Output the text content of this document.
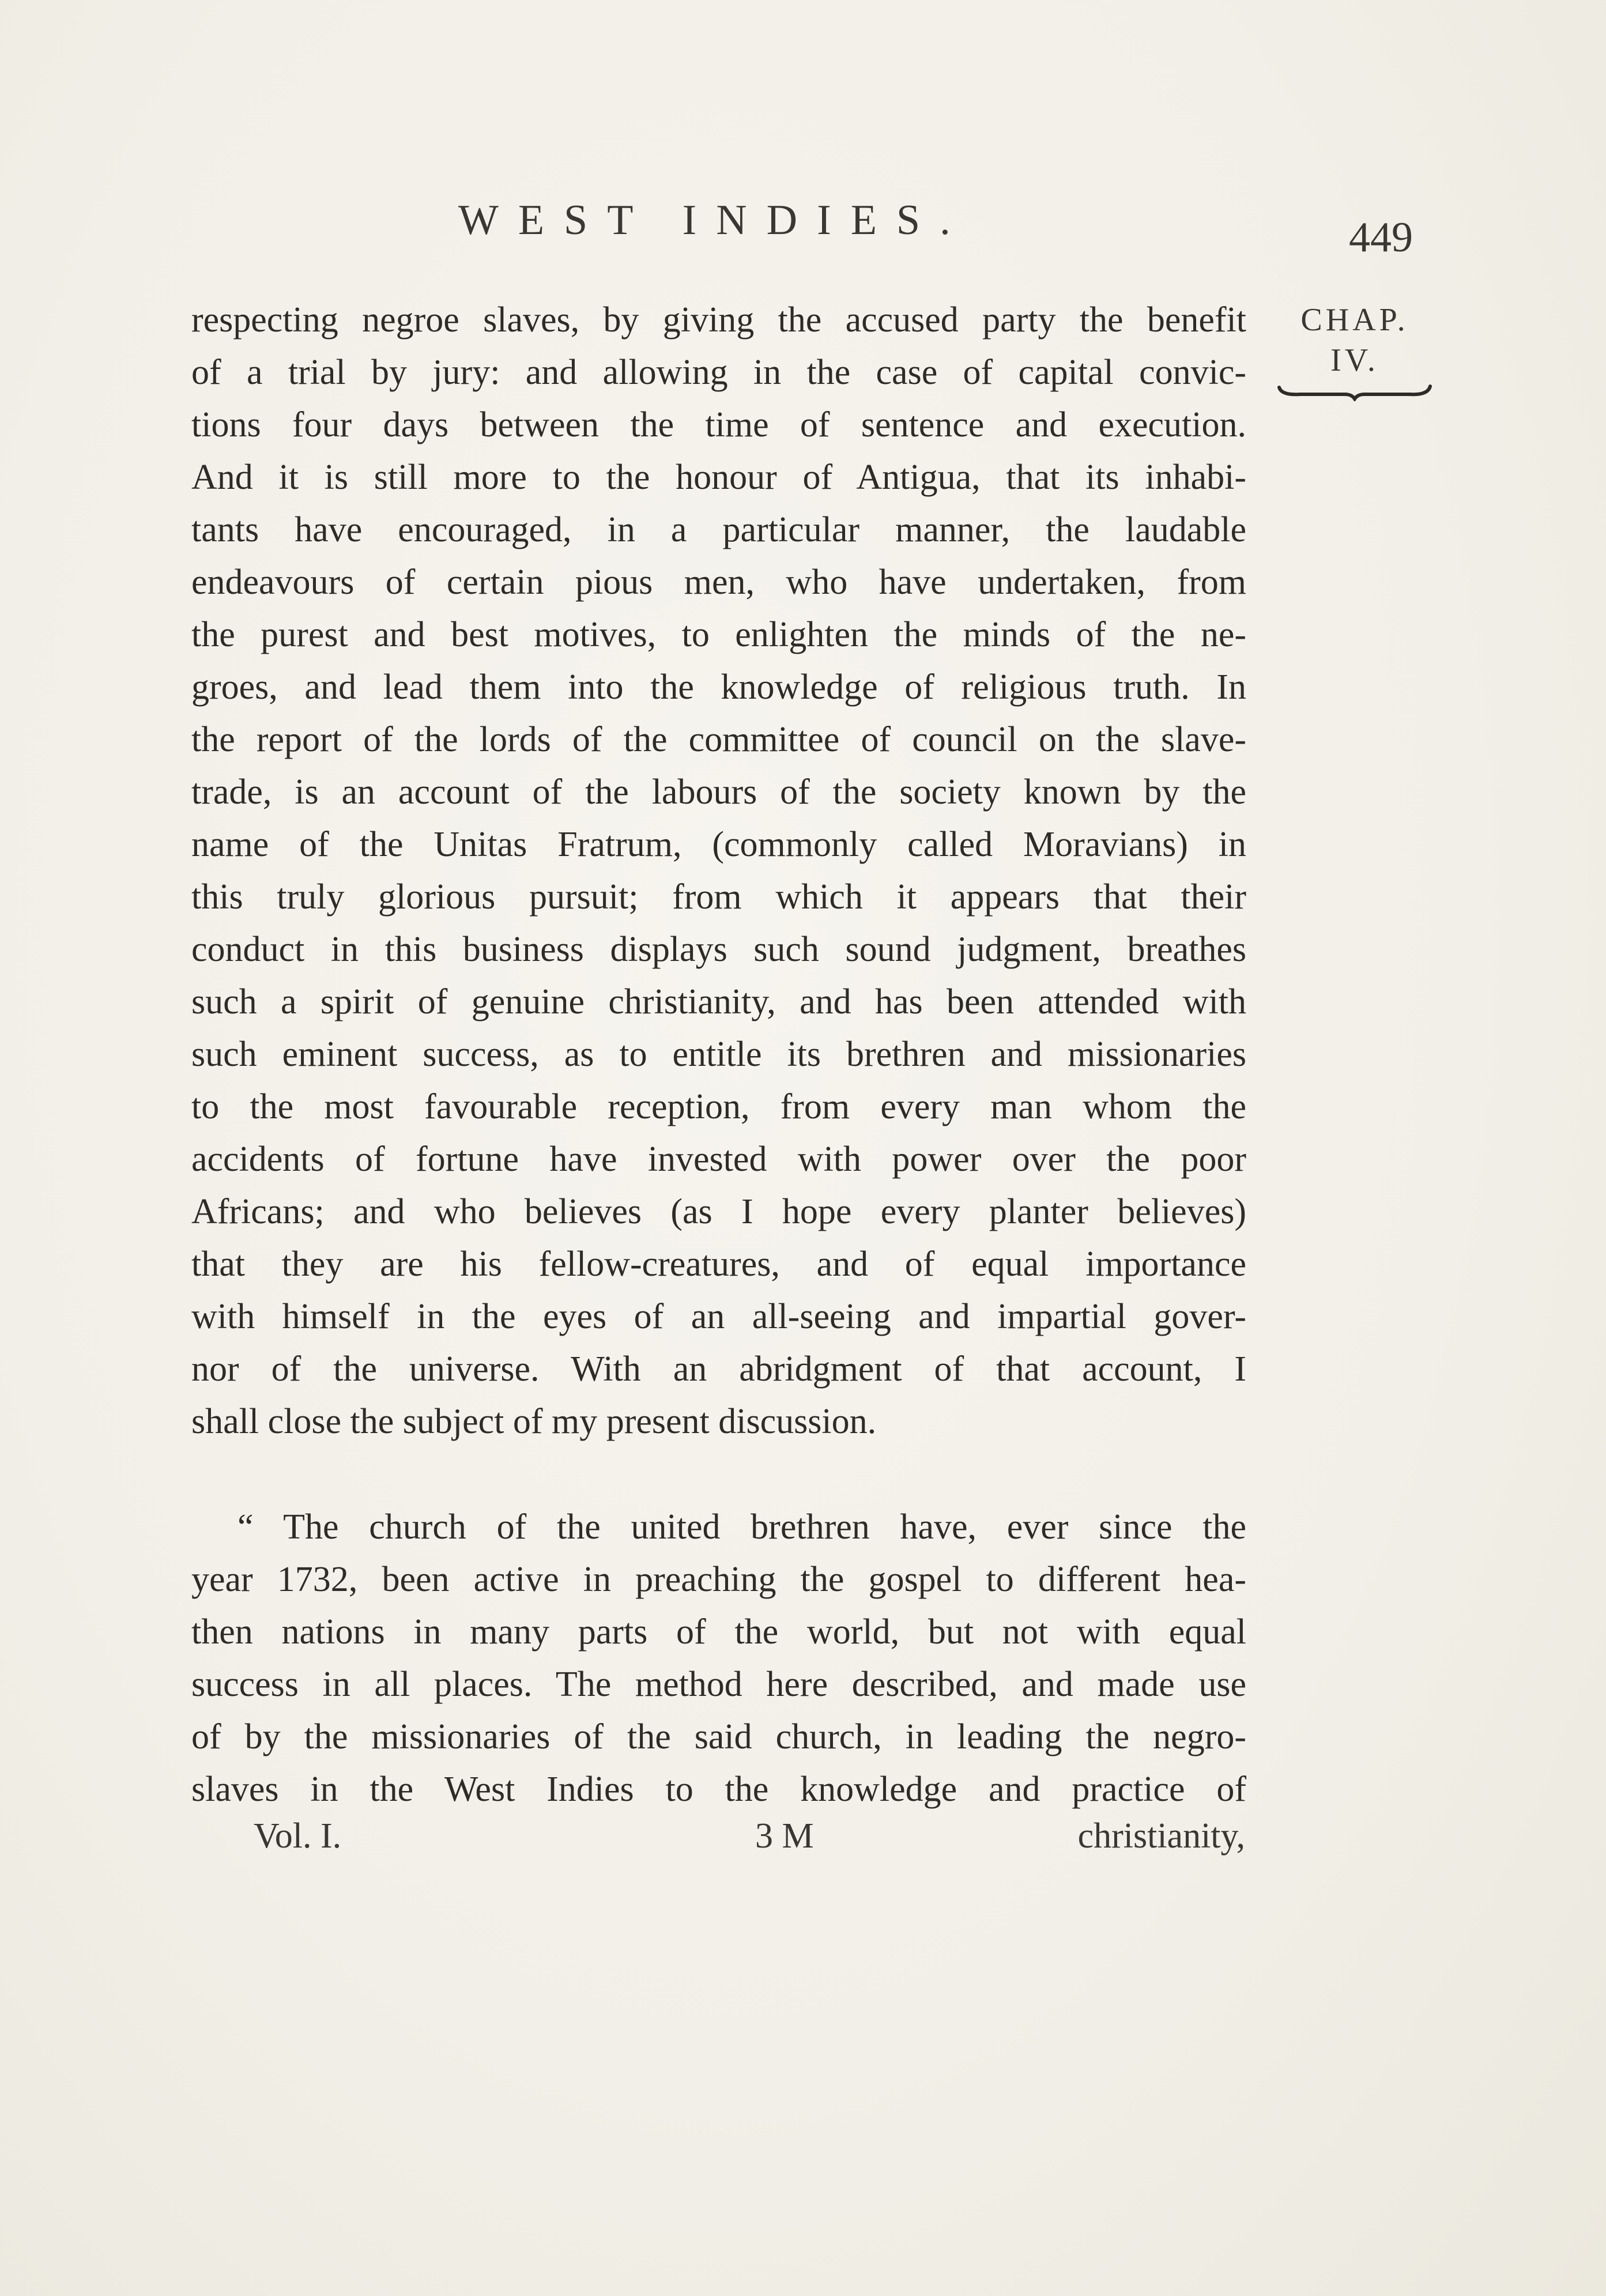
WEST INDIES.	449
CHAP.
IV.
respecting negroe slaves, by giving the accused party the benefit
of a trial by jury: and allowing in the case of capital convic-
tions four days between the time of sentence and execution.
And it is still more to the honour of Antigua, that its inhabi-
tants have encouraged, in a particular manner, the laudable
endeavours of certain pious men, who have undertaken, from
the purest and best motives, to enlighten the minds of the ne-
groes, and lead them into the knowledge of religious truth. In
the report of the lords of the committee of council on the slave-
trade, is an account of the labours of the society known by the
name of the Unitas Fratrum, (commonly called Moravians) in
this truly glorious pursuit; from which it appears that their
conduct in this business displays such sound judgment, breathes
such a spirit of genuine christianity, and has been attended with
such eminent success, as to entitle its brethren and missionaries
to the most favourable reception, from every man whom the
accidents of fortune have invested with power over the poor
Africans; and who believes (as I hope every planter believes)
that they are his fellow-creatures, and of equal importance
with himself in the eyes of an all-seeing and impartial gover-
nor of the universe. With an abridgment of that account, I
shall close the subject of my present discussion.
“ The church of the united brethren have, ever since the
year 1732, been active in preaching the gospel to different hea-
then nations in many parts of the world, but not with equal
success in all places. The method here described, and made use
of by the missionaries of the said church, in leading the negro-
slaves in the West Indies to the knowledge and practice of
Vol. I.	3 M	christianity,
